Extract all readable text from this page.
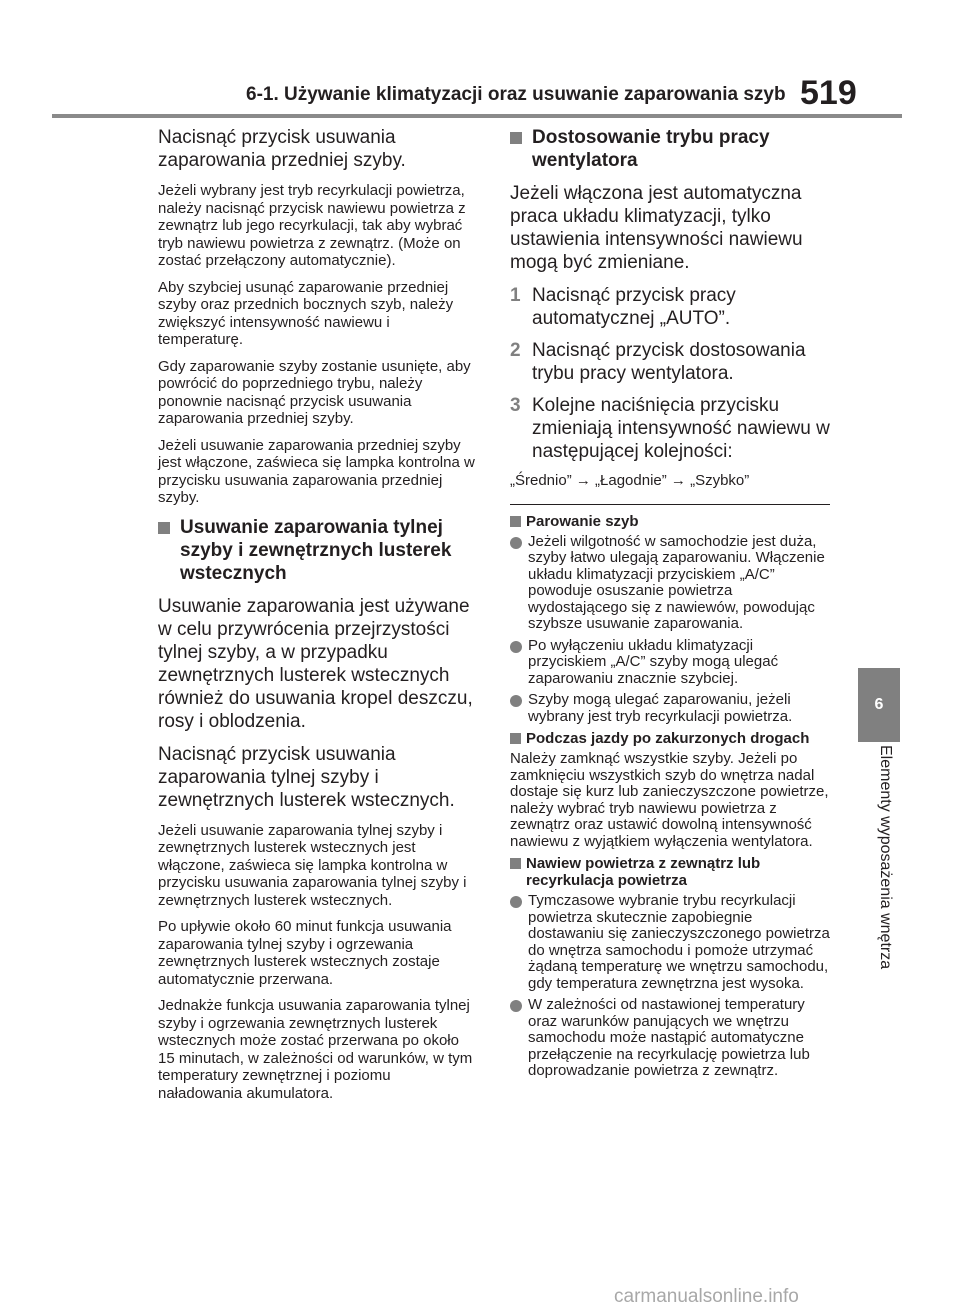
6-1. Używanie klimatyzacji oraz usuwanie zaparowania szyb 519
6
Elementy wyposażenia wnętrza

Nacisnąć przycisk usuwania zaparowania przedniej szyby.

Jeżeli wybrany jest tryb recyrkulacji powietrza, należy nacisnąć przycisk nawiewu powietrza z zewnątrz lub jego recyrkulacji, tak aby wybrać tryb nawiewu powietrza z zewnątrz. (Może on zostać przełączony automatycznie).

Aby szybciej usunąć zaparowanie przedniej szyby oraz przednich bocznych szyb, należy zwiększyć intensywność nawiewu i temperaturę.

Gdy zaparowanie szyby zostanie usunięte, aby powrócić do poprzedniego trybu, należy ponownie nacisnąć przycisk usuwania zaparowania przedniej szyby.

Jeżeli usuwanie zaparowania przedniej szyby jest włączone, zaświeca się lampka kontrolna w przycisku usuwania zaparowania przedniej szyby.

Usuwanie zaparowania tylnej szyby i zewnętrznych lusterek wstecznych

Usuwanie zaparowania jest używane w celu przywrócenia przejrzystości tylnej szyby, a w przypadku zewnętrznych lusterek wstecznych również do usuwania kropel deszczu, rosy i oblodzenia.

Nacisnąć przycisk usuwania zaparowania tylnej szyby i zewnętrznych lusterek wstecznych.

Jeżeli usuwanie zaparowania tylnej szyby i zewnętrznych lusterek wstecznych jest włączone, zaświeca się lampka kontrolna w przycisku usuwania zaparowania tylnej szyby i zewnętrznych lusterek wstecznych.

Po upływie około 60 minut funkcja usuwania zaparowania tylnej szyby i ogrzewania zewnętrznych lusterek wstecznych zostaje automatycznie przerwana.

Jednakże funkcja usuwania zaparowania tylnej szyby i ogrzewania zewnętrznych lusterek wstecznych może zostać przerwana po około 15 minutach, w zależności od warunków, w tym temperatury zewnętrznej i poziomu naładowania akumulatora.

Dostosowanie trybu pracy wentylatora

Jeżeli włączona jest automatyczna praca układu klimatyzacji, tylko ustawienia intensywności nawiewu mogą być zmieniane.

1 Nacisnąć przycisk pracy automatycznej „AUTO”.
2 Nacisnąć przycisk dostosowania trybu pracy wentylatora.
3 Kolejne naciśnięcia przycisku zmieniają intensywność nawiewu w następującej kolejności:

„Średnio” → „Łagodnie” → „Szybko”

Parowanie szyb
Jeżeli wilgotność w samochodzie jest duża, szyby łatwo ulegają zaparowaniu. Włączenie układu klimatyzacji przyciskiem „A/C” powoduje osuszanie powietrza wydostającego się z nawiewów, powodując szybsze usuwanie zaparowania.
Po wyłączeniu układu klimatyzacji przyciskiem „A/C” szyby mogą ulegać zaparowaniu znacznie szybciej.
Szyby mogą ulegać zaparowaniu, jeżeli wybrany jest tryb recyrkulacji powietrza.
Podczas jazdy po zakurzonych drogach

Należy zamknąć wszystkie szyby. Jeżeli po zamknięciu wszystkich szyb do wnętrza nadal dostaje się kurz lub zanieczyszczone powietrze, należy wybrać tryb nawiewu powietrza z zewnątrz oraz ustawić dowolną intensywność nawiewu z wyjątkiem wyłączenia wentylatora.

Nawiew powietrza z zewnątrz lub recyrkulacja powietrza
Tymczasowe wybranie trybu recyrkulacji powietrza skutecznie zapobiegnie dostawaniu się zanieczyszczonego powietrza do wnętrza samochodu i pomoże utrzymać żądaną temperaturę we wnętrzu samochodu, gdy temperatura zewnętrzna jest wysoka.
W zależności od nastawionej temperatury oraz warunków panujących we wnętrzu samochodu może nastąpić automatyczne przełączenie na recyrkulację powietrza lub doprowadzanie powietrza z zewnątrz.
carmanualsonline.info
